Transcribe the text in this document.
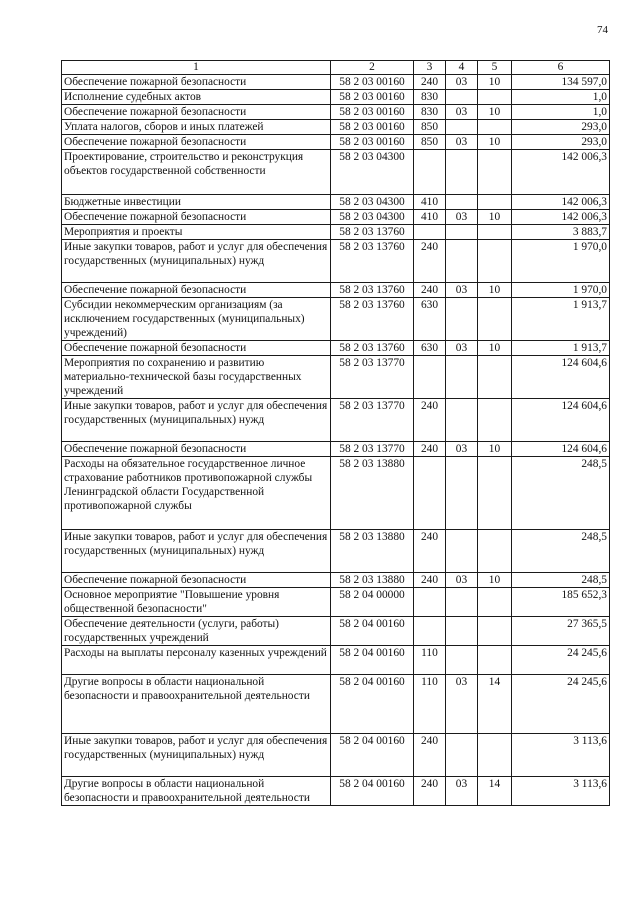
74
1	2	3	4	5	6
Обеспечение пожарной безопасности	58 2 03 00160	240	03	10	134 597,0
Исполнение судебных актов	58 2 03 00160	830			1,0
Обеспечение пожарной безопасности	58 2 03 00160	830	03	10	1,0
Уплата налогов, сборов и иных платежей	58 2 03 00160	850			293,0
Обеспечение пожарной безопасности	58 2 03 00160	850	03	10	293,0
Проектирование, строительство и реконструкция объектов государственной собственности	58 2 03 04300				142 006,3
Бюджетные инвестиции	58 2 03 04300	410			142 006,3
Обеспечение пожарной безопасности	58 2 03 04300	410	03	10	142 006,3
Мероприятия и проекты	58 2 03 13760				3 883,7
Иные закупки товаров, работ и услуг для обеспечения государственных (муниципальных) нужд	58 2 03 13760	240			1 970,0
Обеспечение пожарной безопасности	58 2 03 13760	240	03	10	1 970,0
Субсидии некоммерческим организациям (за исключением государственных (муниципальных) учреждений)	58 2 03 13760	630			1 913,7
Обеспечение пожарной безопасности	58 2 03 13760	630	03	10	1 913,7
Мероприятия по сохранению и развитию материально-технической базы государственных учреждений	58 2 03 13770				124 604,6
Иные закупки товаров, работ и услуг для обеспечения государственных (муниципальных) нужд	58 2 03 13770	240			124 604,6
Обеспечение пожарной безопасности	58 2 03 13770	240	03	10	124 604,6
Расходы на обязательное государственное личное страхование работников противопожарной службы Ленинградской области Государственной противопожарной службы	58 2 03 13880				248,5
Иные закупки товаров, работ и услуг для обеспечения государственных (муниципальных) нужд	58 2 03 13880	240			248,5
Обеспечение пожарной безопасности	58 2 03 13880	240	03	10	248,5
Основное мероприятие "Повышение уровня общественной безопасности"	58 2 04 00000				185 652,3
Обеспечение деятельности (услуги, работы) государственных учреждений	58 2 04 00160				27 365,5
Расходы на выплаты персоналу казенных учреждений	58 2 04 00160	110			24 245,6
Другие вопросы в области национальной безопасности и правоохранительной деятельности	58 2 04 00160	110	03	14	24 245,6
Иные закупки товаров, работ и услуг для обеспечения государственных (муниципальных) нужд	58 2 04 00160	240			3 113,6
Другие вопросы в области национальной безопасности и правоохранительной деятельности	58 2 04 00160	240	03	14	3 113,6
